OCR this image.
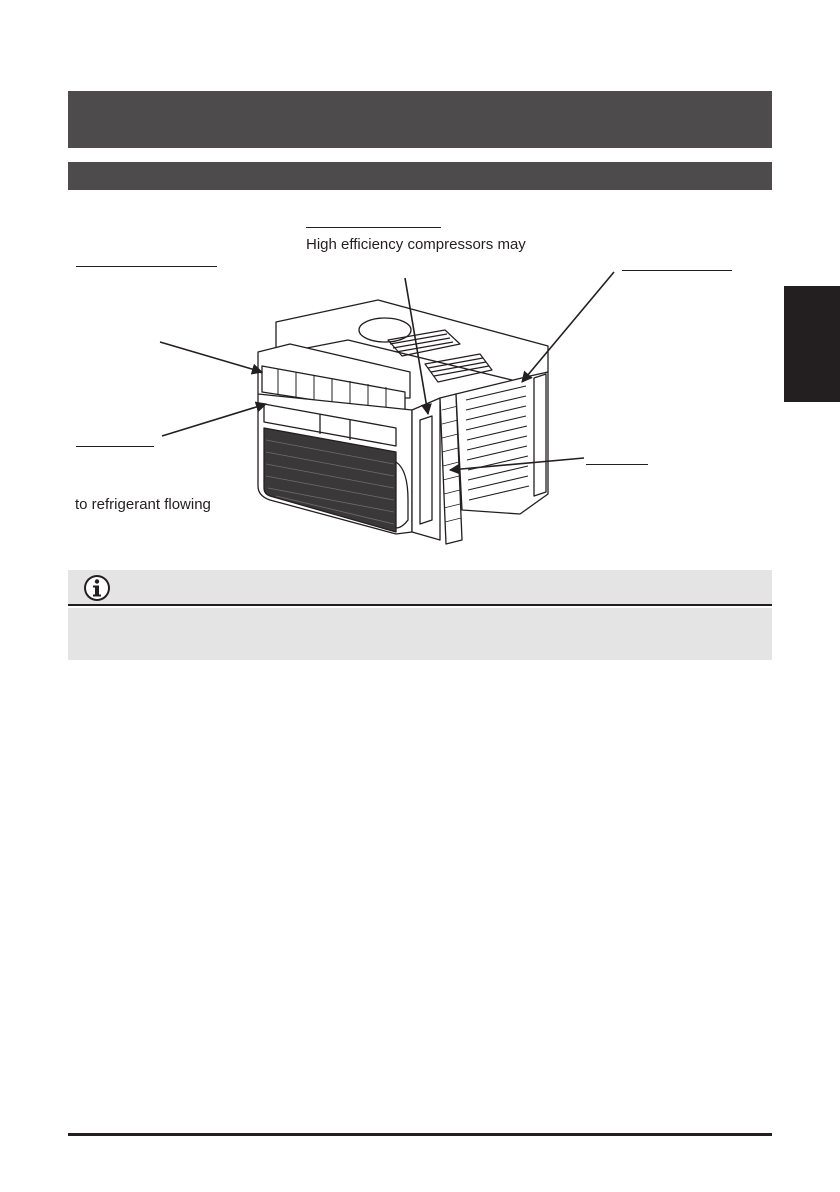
High efficiency compressors may
to refrigerant flowing
